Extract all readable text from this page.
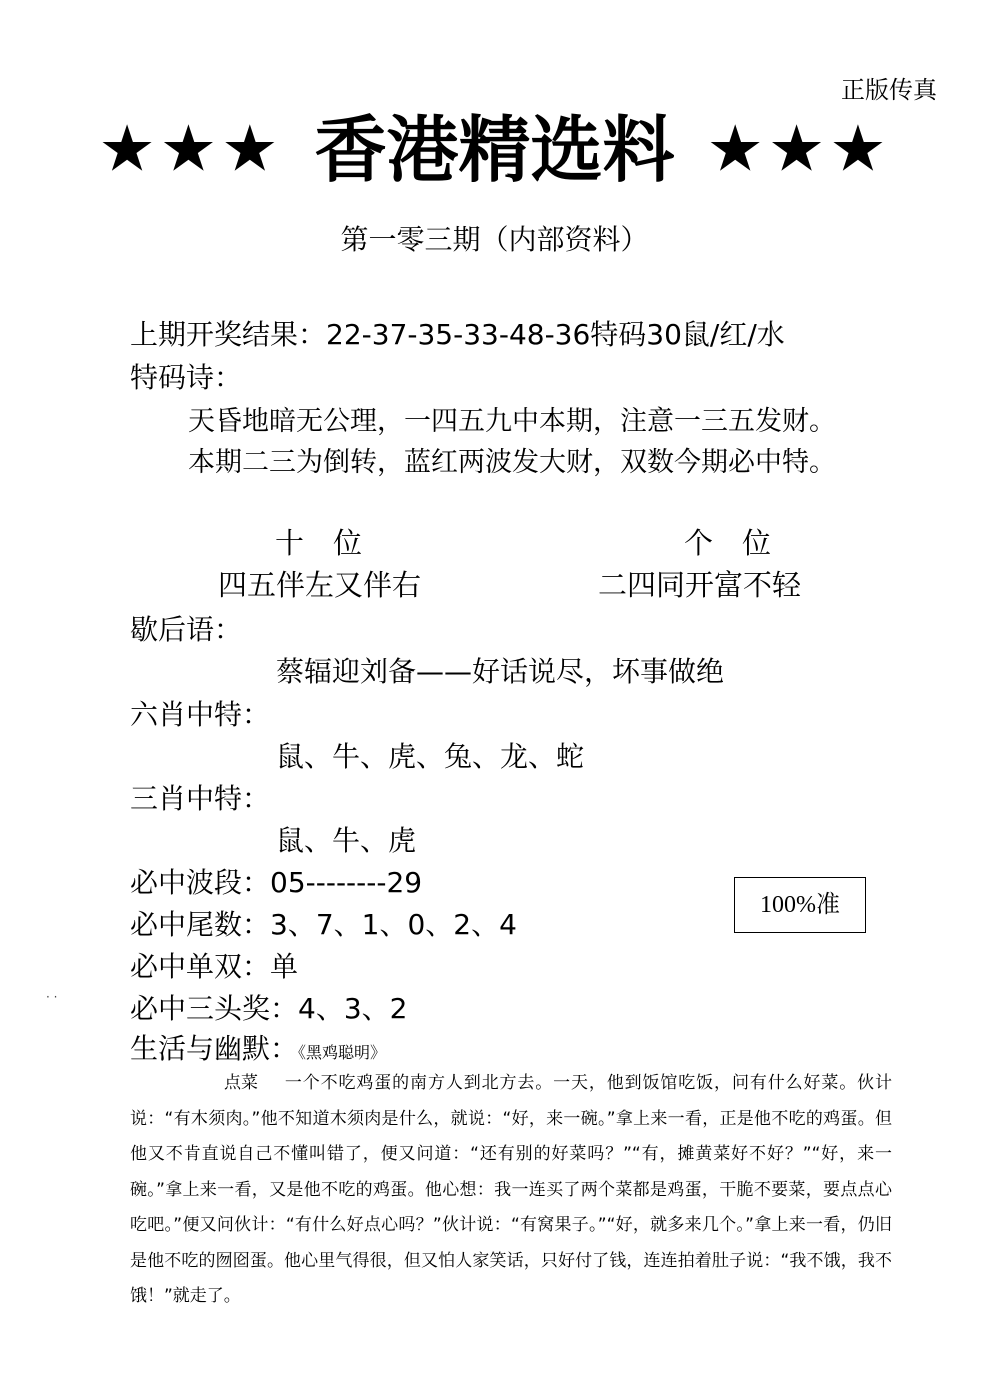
正版传真
★★★ 香港精选料 ★★★
第一零三期（内部资料）
上期开奖结果：22-37-35-33-48-36特码30鼠/红/水
特码诗：
天昏地暗无公理，一四五九中本期，注意一三五发财。
本期二三为倒转，蓝红两波发大财，双数今期必中特。
十　位	个　位
四五伴左又伴右	二四同开富不轻
歇后语：
蔡辐迎刘备——好话说尽，坏事做绝
六肖中特：
鼠、牛、虎、兔、龙、蛇
三肖中特：
鼠、牛、虎
必中波段：05--------29
必中尾数：3、7、1、0、2、4
必中单双：单
必中三头奖：4、3、2
100%准
· ·
生活与幽默：《黑鸡聪明》
点菜 一个不吃鸡蛋的南方人到北方去。一天，他到饭馆吃饭，问有什么好菜。伙计说：“有木须肉。”他不知道木须肉是什么，就说：“好，来一碗。”拿上来一看，正是他不吃的鸡蛋。但他又不肯直说自己不懂叫错了，便又问道：“还有别的好菜吗？”“有，摊黄菜好不好？”“好，来一碗。”拿上来一看，又是他不吃的鸡蛋。他心想：我一连买了两个菜都是鸡蛋，干脆不要菜，要点点心吃吧。”便又问伙计：“有什么好点心吗？”伙计说：“有窝果子。”“好，就多来几个。”拿上来一看，仍旧是他不吃的囫囵蛋。他心里气得很，但又怕人家笑话，只好付了钱，连连拍着肚子说：“我不饿，我不饿！”就走了。
